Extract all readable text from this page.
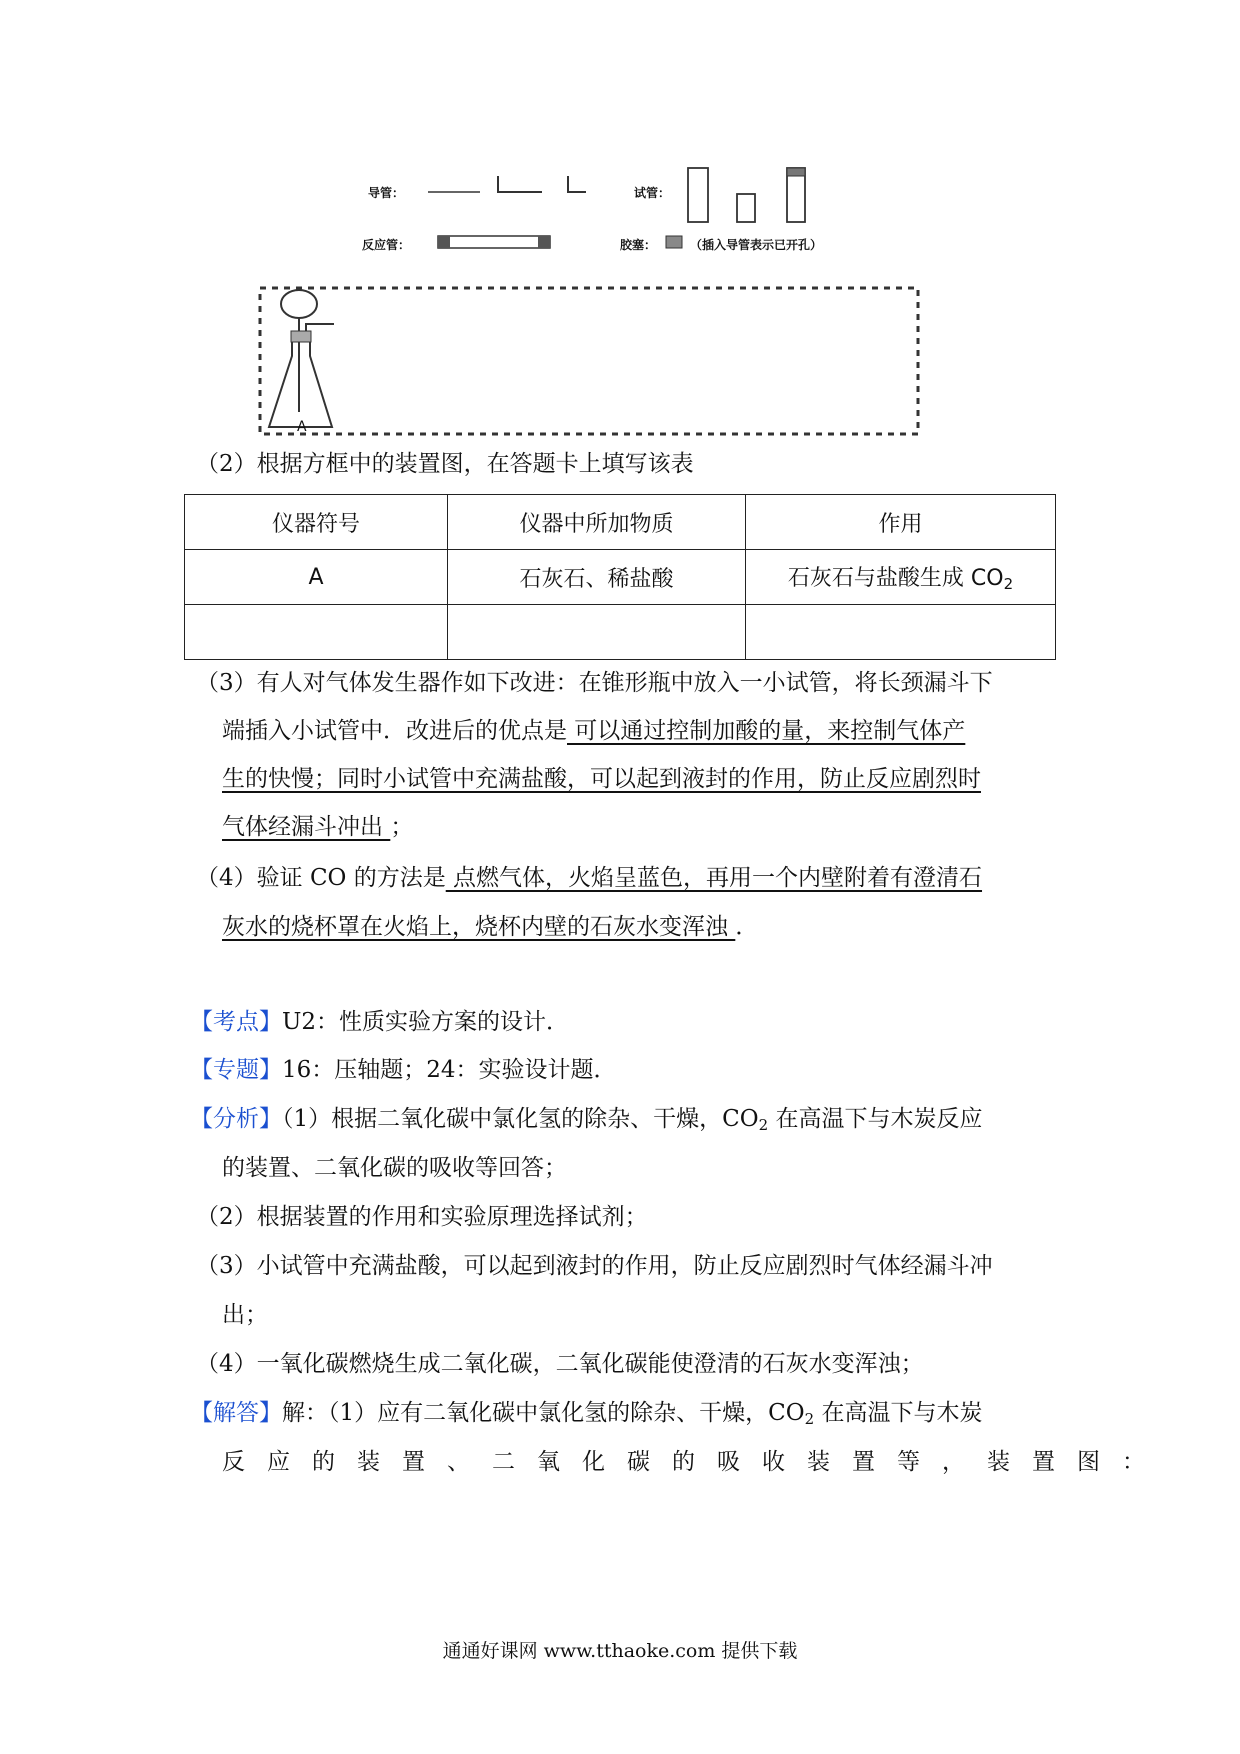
导管：	试管：
反应管：	胶塞：	（插入导管表示已开孔）
A
（2）根据方框中的装置图，在答题卡上填写该表
仪器符号	仪器中所加物质	作用
A	石灰石、稀盐酸	石灰石与盐酸生成 $CO_2$

（3）有人对气体发生器作如下改进：在锥形瓶中放入一小试管，将长颈漏斗下
端插入小试管中．改进后的优点是 可以通过控制加酸的量，来控制气体产
生的快慢；同时小试管中充满盐酸，可以起到液封的作用，防止反应剧烈时
气体经漏斗冲出 ；
（4）验证 CO 的方法是 点燃气体，火焰呈蓝色，再用一个内壁附着有澄清石
灰水的烧杯罩在火焰上，烧杯内壁的石灰水变浑浊 ．
【考点】U2：性质实验方案的设计．
【专题】16：压轴题；24：实验设计题．
【分析】（1）根据二氧化碳中氯化氢的除杂、干燥，$CO_2$ 在高温下与木炭反应
的装置、二氧化碳的吸收等回答；
（2）根据装置的作用和实验原理选择试剂；
（3）小试管中充满盐酸，可以起到液封的作用，防止反应剧烈时气体经漏斗冲
出；
（4）一氧化碳燃烧生成二氧化碳，二氧化碳能使澄清的石灰水变浑浊；
【解答】解：（1）应有二氧化碳中氯化氢的除杂、干燥，$CO_2$ 在高温下与木炭
反应的装置、二氧化碳的吸收装置等，装置图：
通通好课网 www.tthaoke.com 提供下载
